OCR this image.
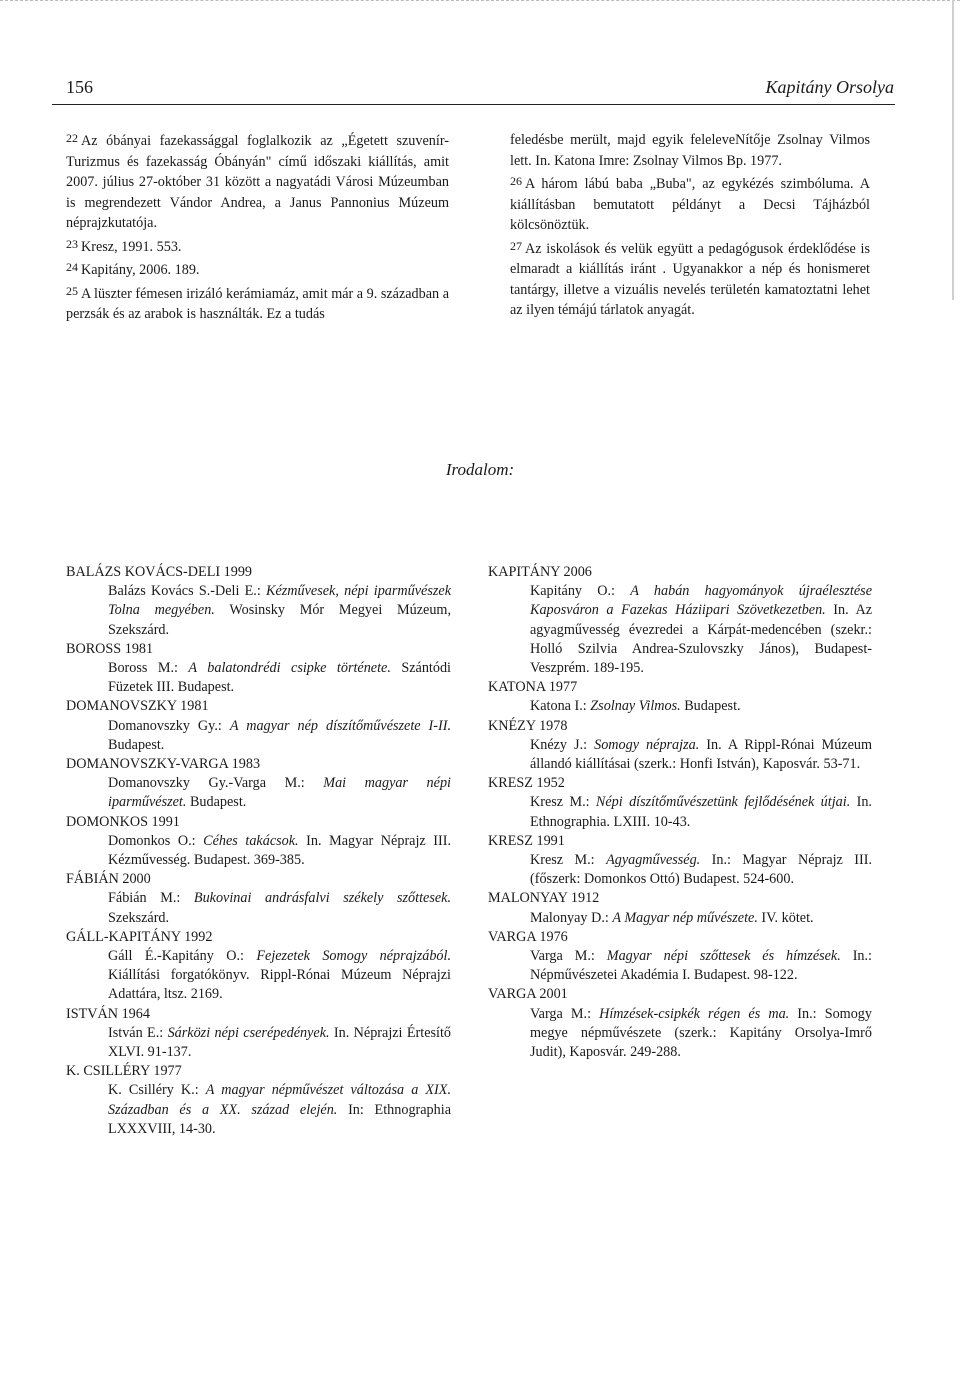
156	Kapitány Orsolya

$^{22}$ Az óbányai fazekassággal foglalkozik az „Égetett szuvenír-Turizmus és fazekasság Óbányán" című időszaki kiállítás, amit 2007. július 27-október 31 között a nagyatádi Városi Múzeumban is megrendezett Vándor Andrea, a Janus Pannonius Múzeum néprajzkutatója.

$^{23}$ Kresz, 1991. 553.

$^{24}$ Kapitány, 2006. 189.

$^{25}$ A lüszter fémesen irizáló kerámiamáz, amit már a 9. században a perzsák és az arabok is használták. Ez a tudás

feledésbe merült, majd egyik feleleveNítője Zsolnay Vilmos lett. In. Katona Imre: Zsolnay Vilmos Bp. 1977.

$^{26}$ A három lábú baba „Buba", az egykézés szimbóluma. A kiállításban bemutatott példányt a Decsi Tájházból kölcsönöztük.

$^{27}$ Az iskolások és velük együtt a pedagógusok érdeklődése is elmaradt a kiállítás iránt . Ugyanakkor a nép és honismeret tantárgy, illetve a vizuális nevelés területén kamatoztatni lehet az ilyen témájú tárlatok anyagát.

Irodalom:
BALÁZS KOVÁCS-DELI 1999
Balázs Kovács S.-Deli E.: Kézművesek, népi iparművészek Tolna megyében. Wosinsky Mór Megyei Múzeum, Szekszárd.
BOROSS 1981
Boross M.: A balatondrédi csipke története. Szántódi Füzetek III. Budapest.
DOMANOVSZKY 1981
Domanovszky Gy.: A magyar nép díszítőművészete I-II. Budapest.
DOMANOVSZKY-VARGA 1983
Domanovszky Gy.-Varga M.: Mai magyar népi iparművészet. Budapest.
DOMONKOS 1991
Domonkos O.: Céhes takácsok. In. Magyar Néprajz III. Kézművesség. Budapest. 369-385.
FÁBIÁN 2000
Fábián M.: Bukovinai andrásfalvi székely szőttesek. Szekszárd.
GÁLL-KAPITÁNY 1992
Gáll É.-Kapitány O.: Fejezetek Somogy néprajzából. Kiállítási forgatókönyv. Rippl-Rónai Múzeum Néprajzi Adattára, ltsz. 2169.
ISTVÁN 1964
István E.: Sárközi népi cserépedények. In. Néprajzi Értesítő XLVI. 91-137.
K. CSILLÉRY 1977
K. Csilléry K.: A magyar népművészet változása a XIX. Században és a XX. század elején. In: Ethnographia LXXXVIII, 14-30.
KAPITÁNY 2006
Kapitány O.: A habán hagyományok újraélesztése Kaposváron a Fazekas Háziipari Szövetkezetben. In. Az agyagművesség évezredei a Kárpát-medencében (szekr.: Holló Szilvia Andrea-Szulovszky János), Budapest-Veszprém. 189-195.
KATONA 1977
Katona I.: Zsolnay Vilmos. Budapest.
KNÉZY 1978
Knézy J.: Somogy néprajza. In. A Rippl-Rónai Múzeum állandó kiállításai (szerk.: Honfi István), Kaposvár. 53-71.
KRESZ 1952
Kresz M.: Népi díszítőművészetünk fejlődésének útjai. In. Ethnographia. LXIII. 10-43.
KRESZ 1991
Kresz M.: Agyagművesség. In.: Magyar Néprajz III. (főszerk: Domonkos Ottó) Budapest. 524-600.
MALONYAY 1912
Malonyay D.: A Magyar nép művészete. IV. kötet.
VARGA 1976
Varga M.: Magyar népi szőttesek és hímzések. In.: Népművészetei Akadémia I. Budapest. 98-122.
VARGA 2001
Varga M.: Hímzések-csipkék régen és ma. In.: Somogy megye népművészete (szerk.: Kapitány Orsolya-Imrő Judit), Kaposvár. 249-288.
